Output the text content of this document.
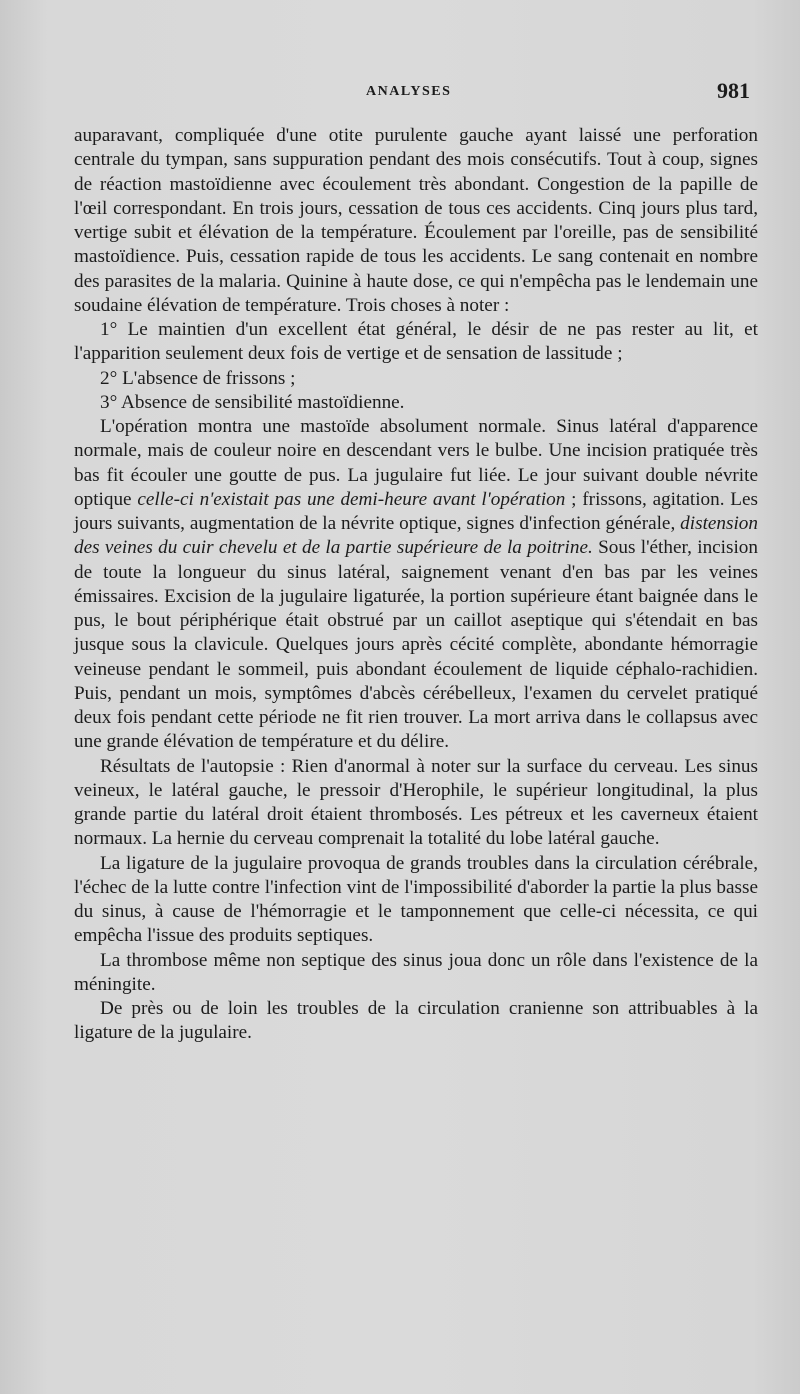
ANALYSES	981

auparavant, compliquée d'une otite purulente gauche ayant laissé une perforation centrale du tympan, sans suppuration pendant des mois consécutifs. Tout à coup, signes de réaction mastoïdienne avec écoulement très abondant. Congestion de la papille de l'œil correspondant. En trois jours, cessation de tous ces accidents. Cinq jours plus tard, vertige subit et élévation de la température. Écoulement par l'oreille, pas de sensibilité mastoïdience. Puis, cessation rapide de tous les accidents. Le sang contenait en nombre des parasites de la malaria. Quinine à haute dose, ce qui n'empêcha pas le lendemain une soudaine élévation de température. Trois choses à noter :

1° Le maintien d'un excellent état général, le désir de ne pas rester au lit, et l'apparition seulement deux fois de vertige et de sensation de lassitude ;

2° L'absence de frissons ;

3° Absence de sensibilité mastoïdienne.

L'opération montra une mastoïde absolument normale. Sinus latéral d'apparence normale, mais de couleur noire en descendant vers le bulbe. Une incision pratiquée très bas fit écouler une goutte de pus. La jugulaire fut liée. Le jour suivant double névrite optique celle-ci n'existait pas une demi-heure avant l'opération ; frissons, agitation. Les jours suivants, augmentation de la névrite optique, signes d'infection générale, distension des veines du cuir chevelu et de la partie supérieure de la poitrine. Sous l'éther, incision de toute la longueur du sinus latéral, saignement venant d'en bas par les veines émissaires. Excision de la jugulaire ligaturée, la portion supérieure étant baignée dans le pus, le bout périphérique était obstrué par un caillot aseptique qui s'étendait en bas jusque sous la clavicule. Quelques jours après cécité complète, abondante hémorragie veineuse pendant le sommeil, puis abondant écoulement de liquide céphalo-rachidien. Puis, pendant un mois, symptômes d'abcès cérébelleux, l'examen du cervelet pratiqué deux fois pendant cette période ne fit rien trouver. La mort arriva dans le collapsus avec une grande élévation de température et du délire.

Résultats de l'autopsie : Rien d'anormal à noter sur la surface du cerveau. Les sinus veineux, le latéral gauche, le pressoir d'Herophile, le supérieur longitudinal, la plus grande partie du latéral droit étaient thrombosés. Les pétreux et les caverneux étaient normaux. La hernie du cerveau comprenait la totalité du lobe latéral gauche.

La ligature de la jugulaire provoqua de grands troubles dans la circulation cérébrale, l'échec de la lutte contre l'infection vint de l'impossibilité d'aborder la partie la plus basse du sinus, à cause de l'hémorragie et le tamponnement que celle-ci nécessita, ce qui empêcha l'issue des produits septiques.

La thrombose même non septique des sinus joua donc un rôle dans l'existence de la méningite.

De près ou de loin les troubles de la circulation cranienne son attribuables à la ligature de la jugulaire.
